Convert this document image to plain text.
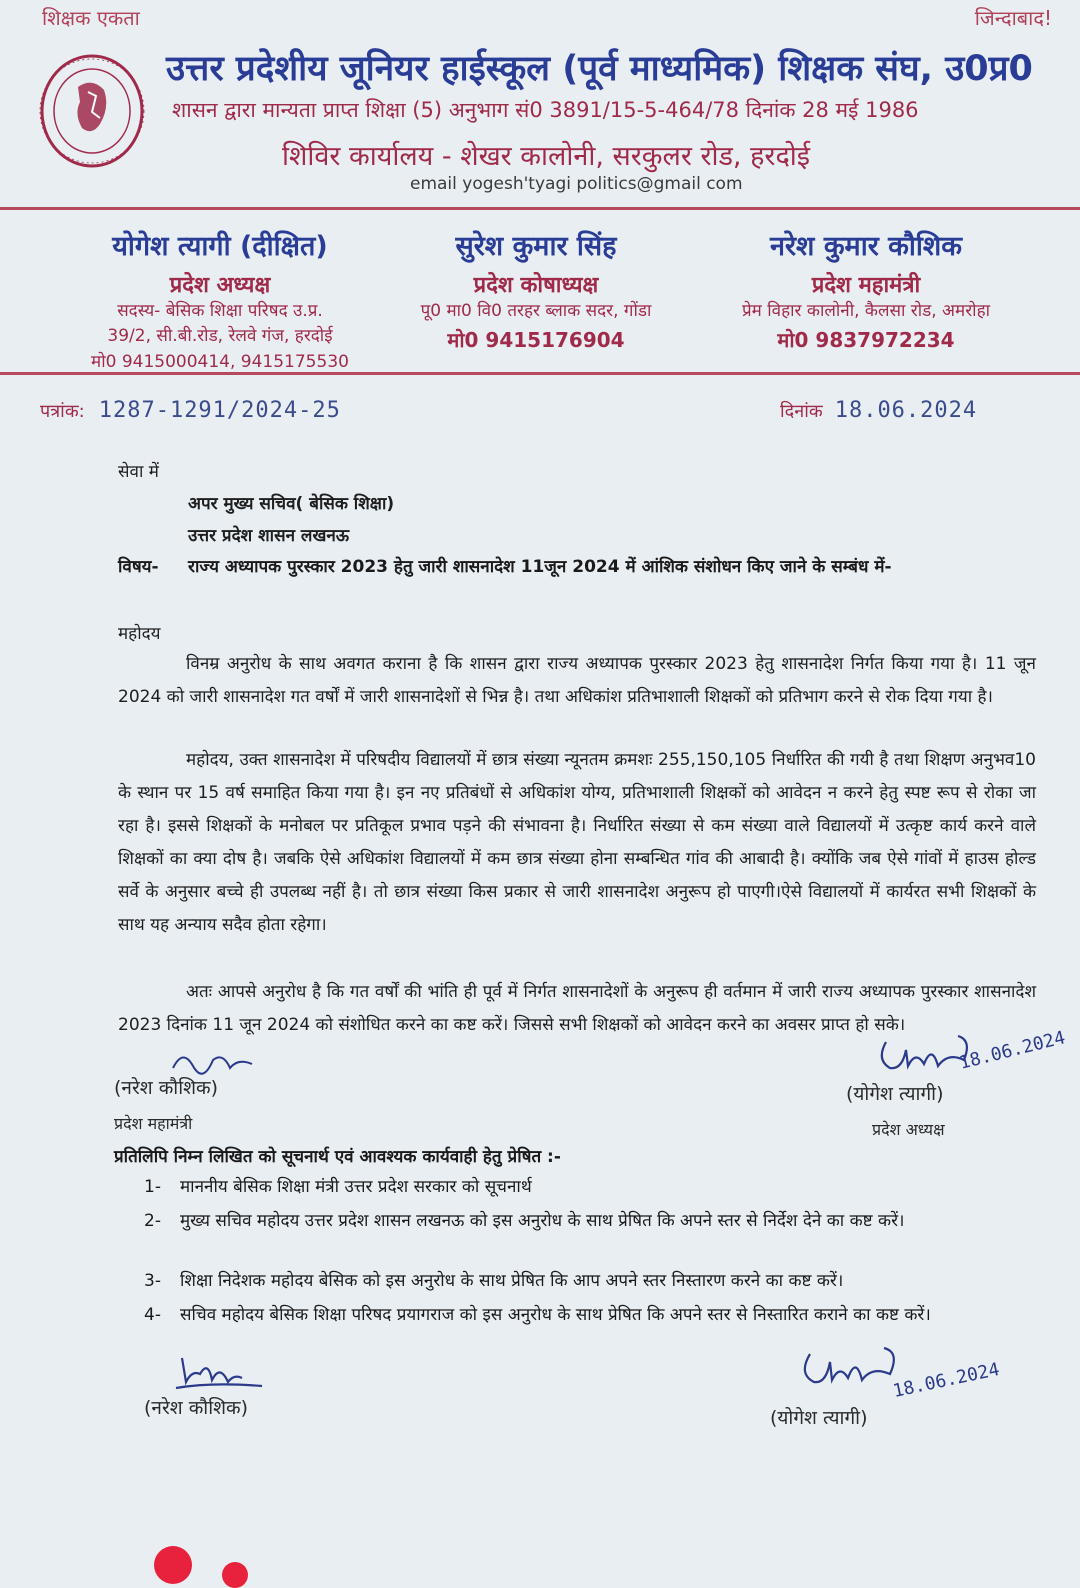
शिक्षक एकता	जिन्दाबाद!
उत्तर प्रदेशीय जूनियर हाईस्कूल (पूर्व माध्यमिक) शिक्षक संघ, उ0प्र0
शासन द्वारा मान्यता प्राप्त शिक्षा (5) अनुभाग सं0 3891/15-5-464/78 दिनांक 28 मई 1986
शिविर कार्यालय - शेखर कालोनी, सरकुलर रोड, हरदोई
email yogesh'tyagi politics@gmail com
योगेश त्यागी (दीक्षित)
प्रदेश अध्यक्ष
सदस्य- बेसिक शिक्षा परिषद उ.प्र.
39/2, सी.बी.रोड, रेलवे गंज, हरदोई
मो0 9415000414, 9415175530
सुरेश कुमार सिंह
प्रदेश कोषाध्यक्ष
पू0 मा0 वि0 तरहर ब्लाक सदर, गोंडा
मो0 9415176904
नरेश कुमार कौशिक
प्रदेश महामंत्री
प्रेम विहार कालोनी, कैलसा रोड, अमरोहा
मो0 9837972234
पत्रांक: 1287-1291/2024-25	दिनांक 18.06.2024
सेवा में
अपर मुख्य सचिव( बेसिक शिक्षा)
उत्तर प्रदेश शासन लखनऊ
विषय- राज्य अध्यापक पुरस्कार 2023 हेतु जारी शासनादेश 11जून 2024 में आंशिक संशोधन किए जाने के सम्बंध में-
महोदय
विनम्र अनुरोध के साथ अवगत कराना है कि शासन द्वारा राज्य अध्यापक पुरस्कार 2023 हेतु शासनादेश निर्गत किया गया है। 11 जून 2024 को जारी शासनादेश गत वर्षों में जारी शासनादेशों से भिन्न है। तथा अधिकांश प्रतिभाशाली शिक्षकों को प्रतिभाग करने से रोक दिया गया है।
महोदय, उक्त शासनादेश में परिषदीय विद्यालयों में छात्र संख्या न्यूनतम क्रमशः 255,150,105 निर्धारित की गयी है तथा शिक्षण अनुभव10 के स्थान पर 15 वर्ष समाहित किया गया है। इन नए प्रतिबंधों से अधिकांश योग्य, प्रतिभाशाली शिक्षकों को आवेदन न करने हेतु स्पष्ट रूप से रोका जा रहा है। इससे शिक्षकों के मनोबल पर प्रतिकूल प्रभाव पड़ने की संभावना है। निर्धारित संख्या से कम संख्या वाले विद्यालयों में उत्कृष्ट कार्य करने वाले शिक्षकों का क्या दोष है। जबकि ऐसे अधिकांश विद्यालयों में कम छात्र संख्या होना सम्बन्धित गांव की आबादी है। क्योंकि जब ऐसे गांवों में हाउस होल्ड सर्वे के अनुसार बच्चे ही उपलब्ध नहीं है। तो छात्र संख्या किस प्रकार से जारी शासनादेश अनुरूप हो पाएगी।ऐसे विद्यालयों में कार्यरत सभी शिक्षकों के साथ यह अन्याय सदैव होता रहेगा।
अतः आपसे अनुरोध है कि गत वर्षों की भांति ही पूर्व में निर्गत शासनादेशों के अनुरूप ही वर्तमान में जारी राज्य अध्यापक पुरस्कार शासनादेश 2023 दिनांक 11 जून 2024 को संशोधित करने का कष्ट करें। जिससे सभी शिक्षकों को आवेदन करने का अवसर प्राप्त हो सके।
(नरेश कौशिक)
प्रदेश महामंत्री
18.06.2024
(योगेश त्यागी)
प्रदेश अध्यक्ष
प्रतिलिपि निम्न लिखित को सूचनार्थ एवं आवश्यक कार्यवाही हेतु प्रेषित :-
1- माननीय बेसिक शिक्षा मंत्री उत्तर प्रदेश सरकार को सूचनार्थ
2- मुख्य सचिव महोदय उत्तर प्रदेश शासन लखनऊ को इस अनुरोध के साथ प्रेषित कि अपने स्तर से निर्देश देने का कष्ट करें।
3- शिक्षा निदेशक महोदय बेसिक को इस अनुरोध के साथ प्रेषित कि आप अपने स्तर निस्तारण करने का कष्ट करें।
4- सचिव महोदय बेसिक शिक्षा परिषद प्रयागराज को इस अनुरोध के साथ प्रेषित कि अपने स्तर से निस्तारित कराने का कष्ट करें।
(नरेश कौशिक)
18.06.2024
(योगेश त्यागी)
